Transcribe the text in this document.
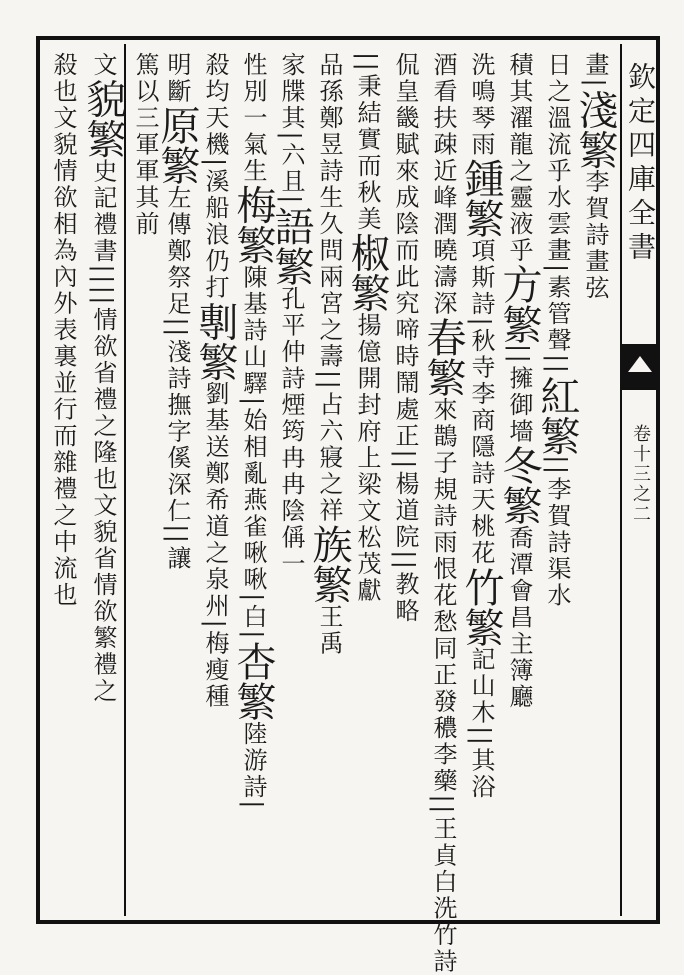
欽定四庫全書
卷十三之二
畫|淺繁李賀詩畫弦
日之溫流乎水雲畫|素管聲||紅繁||李賀詩渠水
積其濯龍之靈液乎方繁||擁御墻冬繁喬潭會昌主簿廳
洗鳴琴雨鍾繁項斯詩|秋寺李商隱詩天桃花竹繁記山木||其浴
酒看扶疎近峰潤曉濤深春繁來鵲子規詩雨恨花愁同正發穠李藥||王貞白洗竹詩
侃皇畿賦來成陰而此究啼時鬧處正||楊道院||教略
||秉結實而秋美椒繁揚億開封府上梁文松茂獻
品孫鄭昱詩生久問兩宮之壽||占六寢之祥族繁王禹
家牒其|六且|語繁孔平仲詩煙筠冉冉陰偁一
性別一氣生梅繁陳基詩山驛|始相亂燕雀啾啾|白|杏繁陸游詩|
殺均天機|溪船浪仍打剸繁劉基送鄭希道之泉州|梅瘦種
明斷原繁左傳鄭祭足||淺詩撫字傒深仁||讓
篤以三軍軍其前
文貌繁史記禮書||||情欲省禮之隆也文貌省情欲繁禮之
殺也文貌情欲相為內外表裏並行而雜禮之中流也
